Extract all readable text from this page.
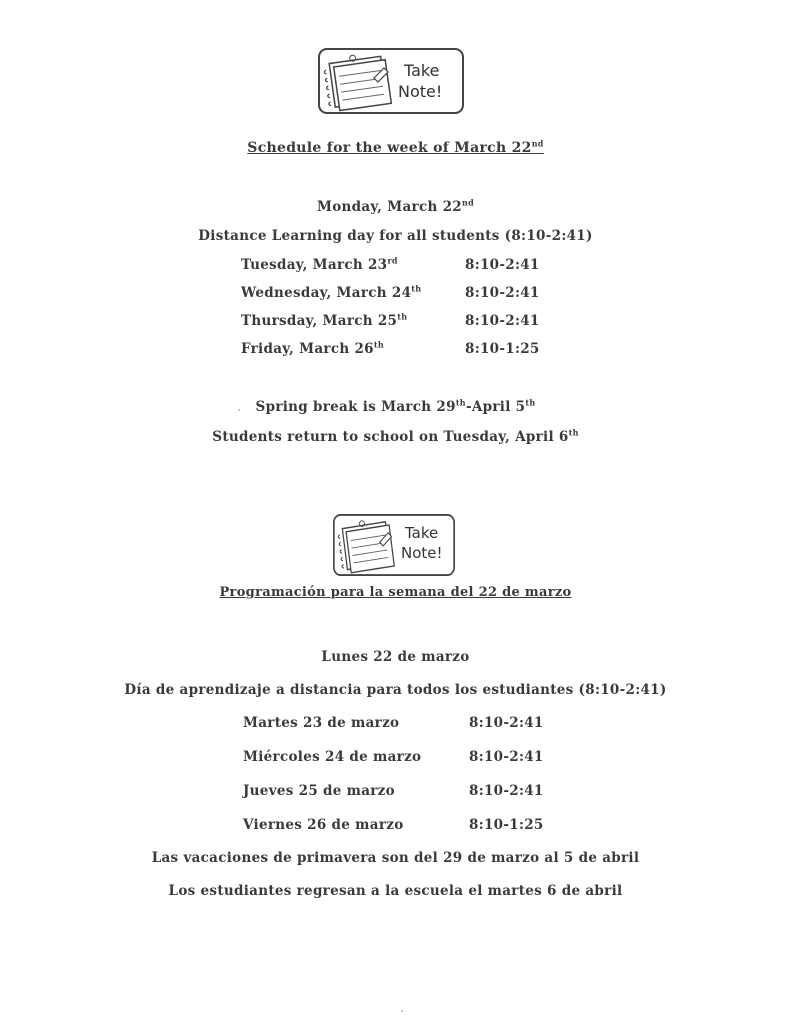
Take
Note!
Schedule for the week of March 22nd
Monday, March 22nd
Distance Learning day for all students (8:10-2:41)
Tuesday, March 23rd	8:10-2:41
Wednesday, March 24th	8:10-2:41
Thursday, March 25th	8:10-2:41
Friday, March 26th	8:10-1:25
Spring break is March 29th-April 5th
Students return to school on Tuesday, April 6th
Take
Note!
Programación para la semana del 22 de marzo
Lunes 22 de marzo
Día de aprendizaje a distancia para todos los estudiantes (8:10-2:41)
Martes 23 de marzo	8:10-2:41
Miércoles 24 de marzo	8:10-2:41
Jueves 25 de marzo	8:10-2:41
Viernes 26 de marzo	8:10-1:25
Las vacaciones de primavera son del 29 de marzo al 5 de abril
Los estudiantes regresan a la escuela el martes 6 de abril
